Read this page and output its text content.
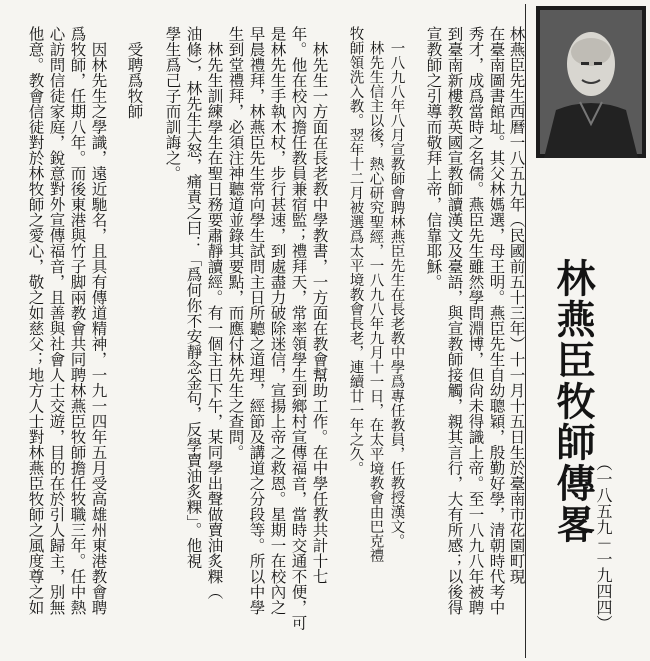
林燕臣牧師傳畧
（一八五九－一九四四）
林燕臣先生西曆一八五九年（民國前五十三年）十一月十五日生於臺南市花園町現
在臺南圖書館址。其父林媽選，母王明。燕臣先生自幼聰穎，殷勤好學，清朝時代考中
秀才，成爲當時之名儒。燕臣先生雖然學問淵博，但尙未得識上帝。至一八九八年被聘
到臺南新樓教英國宣教師讀漢文及臺語，與宣教師接觸，親其言行，大有所感；以後得
宣教師之引導而敬拜上帝，信靠耶穌。
　一八九八年八月宣教師會聘林燕臣先生在長老教中學爲專任教員，任教授漢文。
　林先生信主以後，熱心研究聖經，一八九八年九月十一日，在太平境教會由巴克禮
牧師領洗入教。翌年十二月被選爲太平境教會長老，連續廿一年之久。
　林先生一方面在長老教中學教書，一方面在教會幫助工作。在中學任教共計十七
年。他在校內擔任教員兼宿監；禮拜天，常率領學生到鄉村宣傳福音，當時交通不便，可
是林先生手執木杖，步行甚速，到處盡力破除迷信，宣揚上帝之救恩。星期一在校內之
早晨禮拜，林燕臣先生常向學生試問主日所聽之道理，經節及講道之分段等。所以中學
生到堂禮拜，必須注神聽道並錄其要點，而應付林先生之查問。
　林先生訓練學生在聖日務要肅靜讀經。有一個主日下午，某同學出聲做賣油炙粿（
油條），林先生大怒，痛責之曰：「爲何你不安靜念金句，反學賣油炙粿」。他視
學生爲己子而訓誨之。
　受聘爲牧師
　因林先生之學識，遠近馳名，且具有傳道精神，一九一四年五月受高雄州東港教會聘
爲牧師，任期八年。而後東港與竹子脚兩教會共同聘林燕臣牧師擔任牧職三年。任中熱
心訪問信徒家庭，銳意對外宣傳福音，且善與社會人士交遊，目的在於引人歸主，別無
他意。教會信徒對於林牧師之愛心，敬之如慈父；地方人士對林燕臣牧師之風度尊之如
